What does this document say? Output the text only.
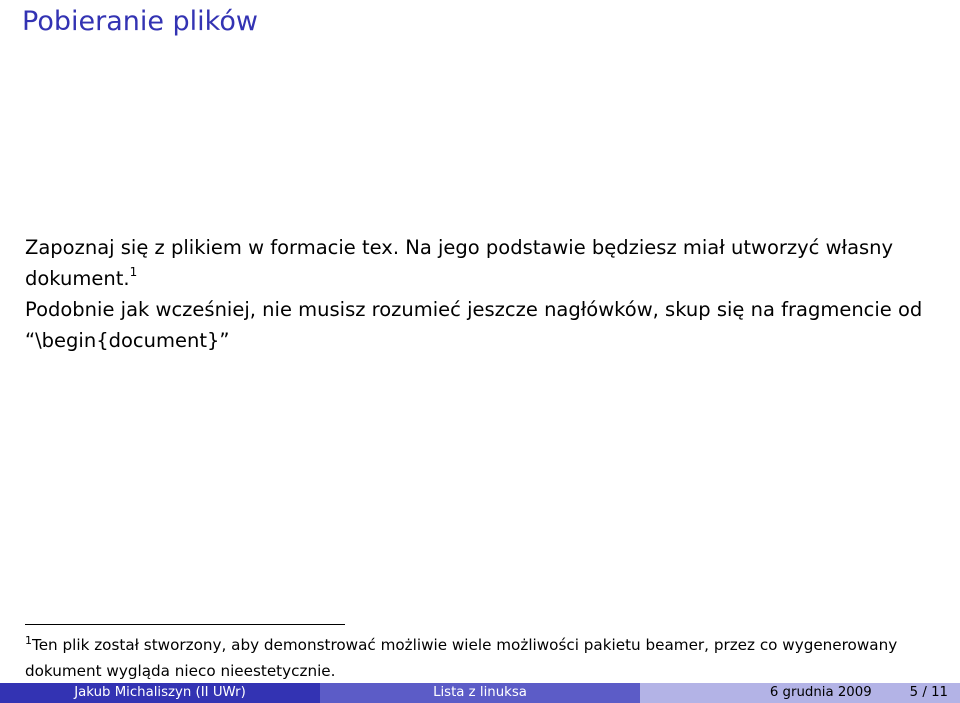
Pobieranie plików

Zapoznaj się z plikiem w formacie tex. Na jego podstawie będziesz miał utworzyć własny dokument.$^1$

Podobnie jak wcześniej, nie musisz rozumieć jeszcze nagłówków, skup się na fragmencie od “\begin{document}”

$^1$Ten plik został stworzony, aby demonstrować możliwie wiele możliwości pakietu beamer, przez co wygenerowany dokument wygląda nieco nieestetycznie.
Jakub Michaliszyn (II UWr)	Lista z linuksa	6 grudnia 2009	5 / 11
